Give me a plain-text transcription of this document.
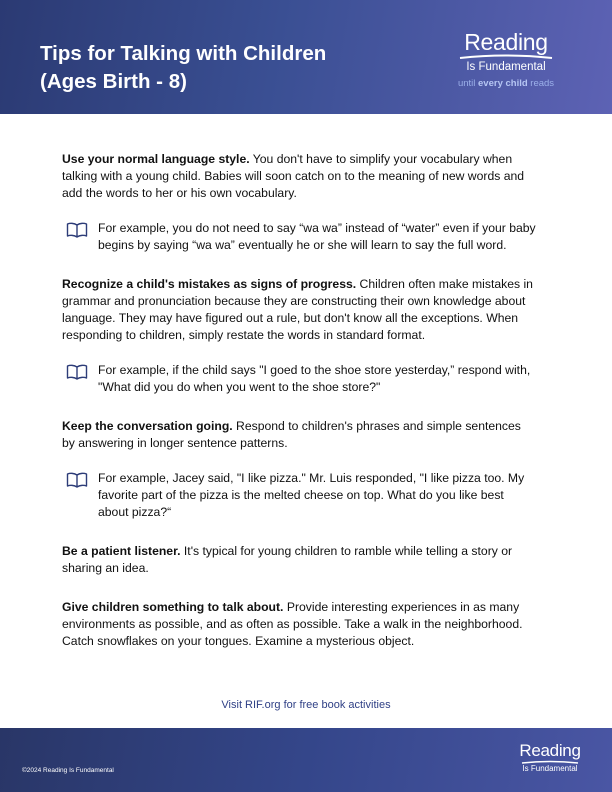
Tips for Talking with Children
(Ages Birth - 8)
Reading
Is Fundamental
until every child reads

Use your normal language style. You don't have to simplify your vocabulary when talking with a young child. Babies will soon catch on to the meaning of new words and add the words to her or his own vocabulary.

For example, you do not need to say “wa wa” instead of “water” even if your baby begins by saying “wa wa” eventually he or she will learn to say the full word.

Recognize a child's mistakes as signs of progress. Children often make mistakes in grammar and pronunciation because they are constructing their own knowledge about language. They may have figured out a rule, but don't know all the exceptions. When responding to children, simply restate the words in standard format.

For example, if the child says "I goed to the shoe store yesterday,” respond with, "What did you do when you went to the shoe store?"

Keep the conversation going. Respond to children's phrases and simple sentences by answering in longer sentence patterns.

For example, Jacey said, "I like pizza." Mr. Luis responded, "I like pizza too. My favorite part of the pizza is the melted cheese on top. What do you like best about pizza?“

Be a patient listener. It's typical for young children to ramble while telling a story or sharing an idea.

Give children something to talk about. Provide interesting experiences in as many environments as possible, and as often as possible. Take a walk in the neighborhood. Catch snowflakes on your tongues. Examine a mysterious object.

Visit RIF.org for free book activities
©2024 Reading Is Fundamental
Reading
Is Fundamental
